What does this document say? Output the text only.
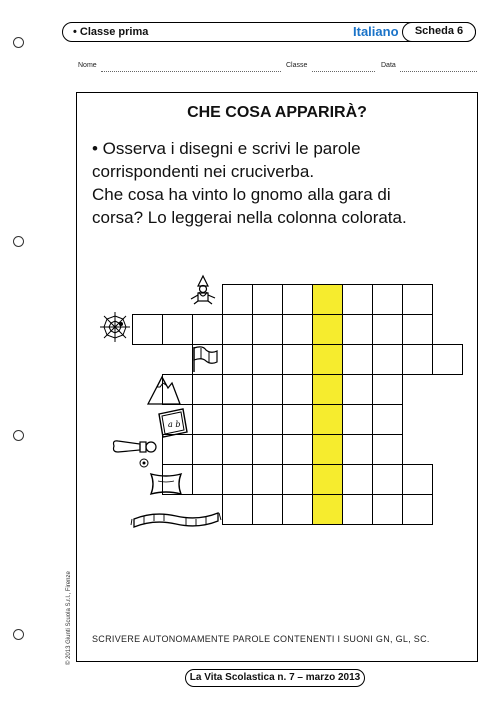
• Classe prima	Italiano	Scheda 6
Nome	Classe	Data
CHE COSA APPARIRÀ?

• Osserva i disegni e scrivi le parole

corrispondenti nei cruciverba.

Che cosa ha vinto lo gnomo alla gara di

corsa? Lo leggerai nella colonna colorata.

a b
SCRIVERE AUTONOMAMENTE PAROLE CONTENENTI I SUONI GN, GL, SC.
La Vita Scolastica n. 7 – marzo 2013
© 2013 Giunti Scuola S.r.l., Firenze
